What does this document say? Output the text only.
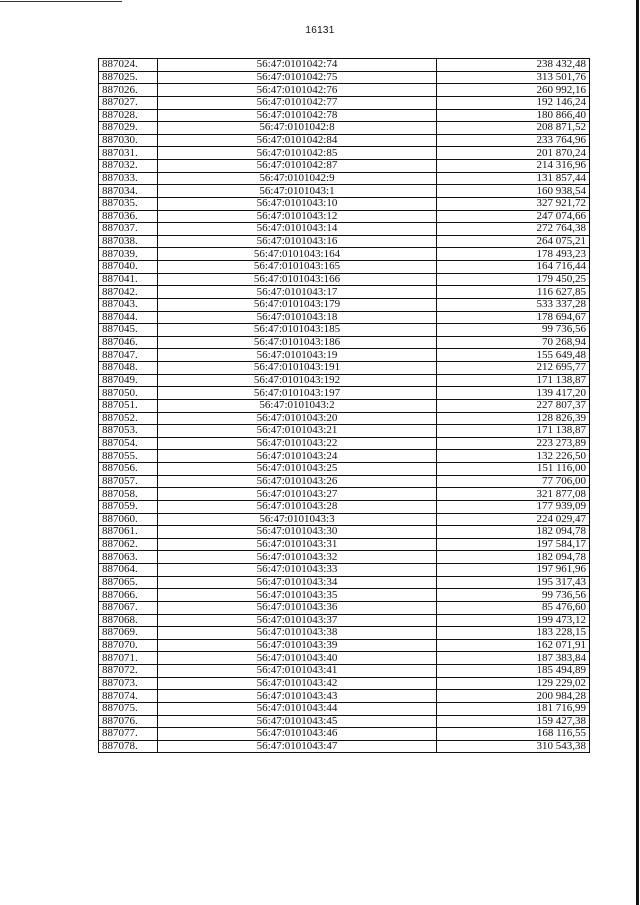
16131
887024.	56:47:0101042:74	238 432,48
887025.	56:47:0101042:75	313 501,76
887026.	56:47:0101042:76	260 992,16
887027.	56:47:0101042:77	192 146,24
887028.	56:47:0101042:78	180 866,40
887029.	56:47:0101042:8	208 871,52
887030.	56:47:0101042:84	233 764,96
887031.	56:47:0101042:85	201 870,24
887032.	56:47:0101042:87	214 316,96
887033.	56:47:0101042:9	131 857,44
887034.	56:47:0101043:1	160 938,54
887035.	56:47:0101043:10	327 921,72
887036.	56:47:0101043:12	247 074,66
887037.	56:47:0101043:14	272 764,38
887038.	56:47:0101043:16	264 075,21
887039.	56:47:0101043:164	178 493,23
887040.	56:47:0101043:165	164 716,44
887041.	56:47:0101043:166	179 450,25
887042.	56:47:0101043:17	116 627,85
887043.	56:47:0101043:179	533 337,28
887044.	56:47:0101043:18	178 694,67
887045.	56:47:0101043:185	99 736,56
887046.	56:47:0101043:186	70 268,94
887047.	56:47:0101043:19	155 649,48
887048.	56:47:0101043:191	212 695,77
887049.	56:47:0101043:192	171 138,87
887050.	56:47:0101043:197	139 417,20
887051.	56:47:0101043:2	227 807,37
887052.	56:47:0101043:20	128 826,39
887053.	56:47:0101043:21	171 138,87
887054.	56:47:0101043:22	223 273,89
887055.	56:47:0101043:24	132 226,50
887056.	56:47:0101043:25	151 116,00
887057.	56:47:0101043:26	77 706,00
887058.	56:47:0101043:27	321 877,08
887059.	56:47:0101043:28	177 939,09
887060.	56:47:0101043:3	224 029,47
887061.	56:47:0101043:30	182 094,78
887062.	56:47:0101043:31	197 584,17
887063.	56:47:0101043:32	182 094,78
887064.	56:47:0101043:33	197 961,96
887065.	56:47:0101043:34	195 317,43
887066.	56:47:0101043:35	99 736,56
887067.	56:47:0101043:36	85 476,60
887068.	56:47:0101043:37	199 473,12
887069.	56:47:0101043:38	183 228,15
887070.	56:47:0101043:39	162 071,91
887071.	56:47:0101043:40	187 383,84
887072.	56:47:0101043:41	185 494,89
887073.	56:47:0101043:42	129 229,02
887074.	56:47:0101043:43	200 984,28
887075.	56:47:0101043:44	181 716,99
887076.	56:47:0101043:45	159 427,38
887077.	56:47:0101043:46	168 116,55
887078.	56:47:0101043:47	310 543,38
